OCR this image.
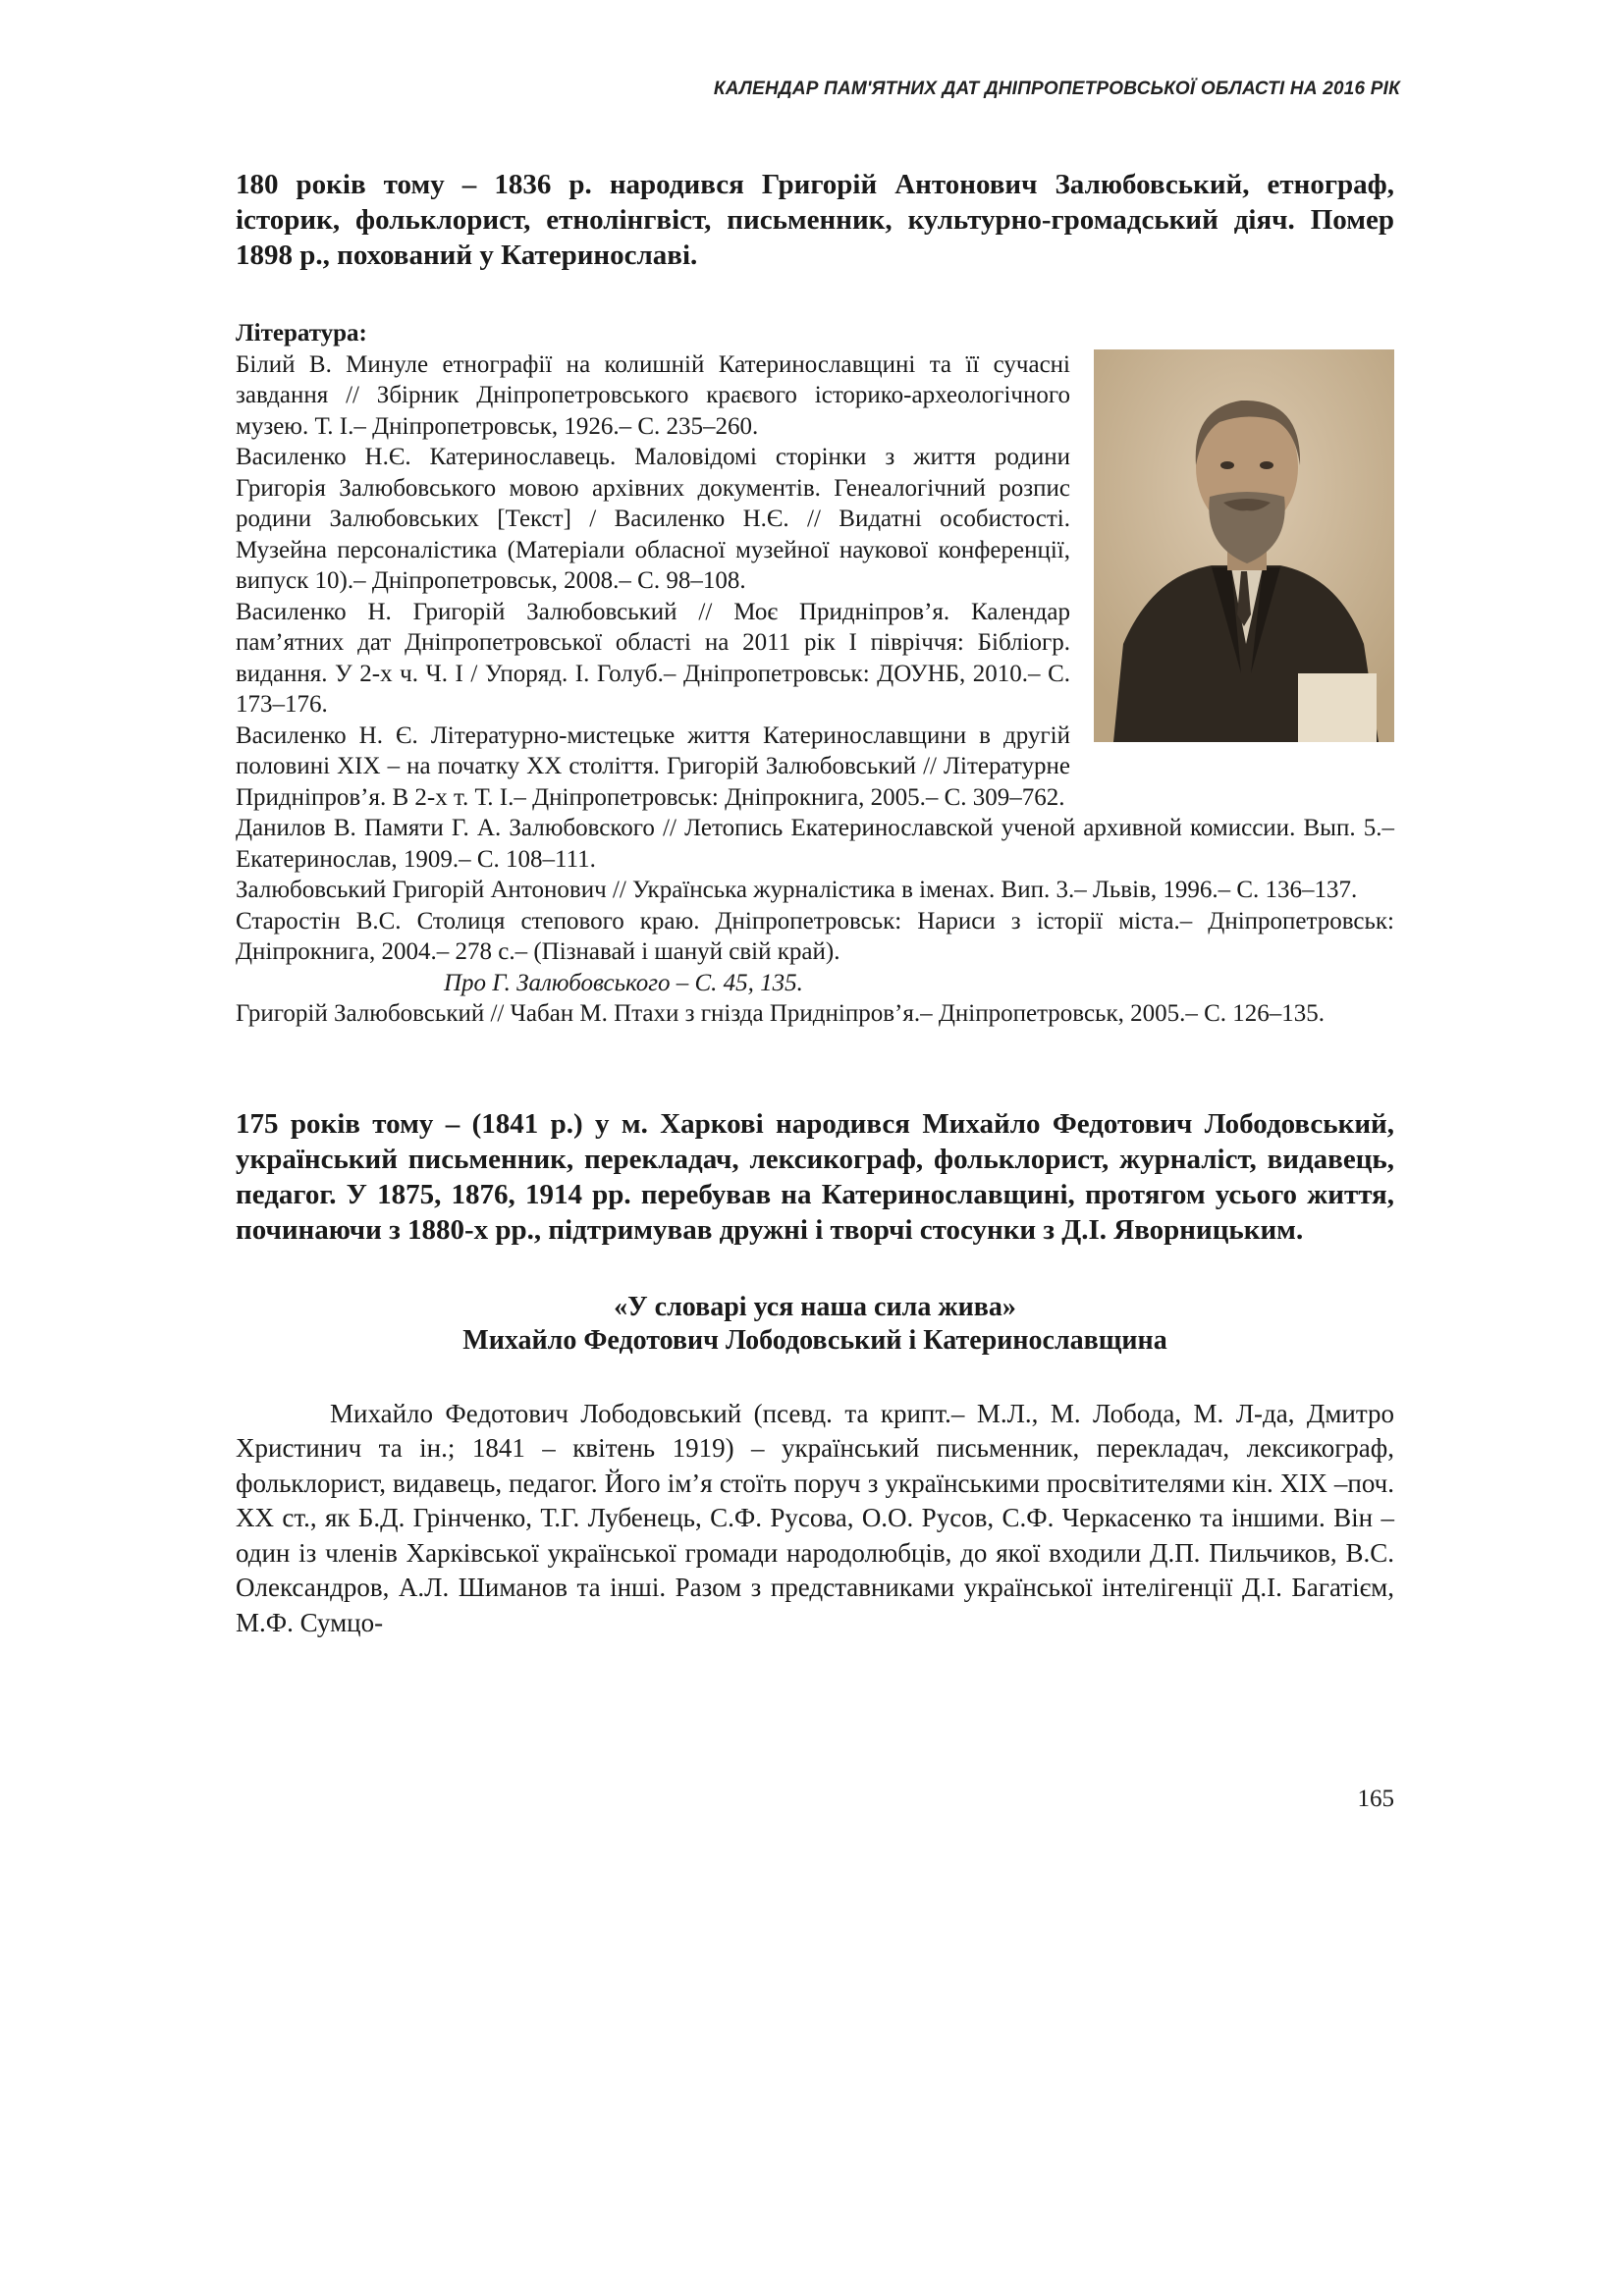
КАЛЕНДАР ПАМ'ЯТНИХ ДАТ ДНІПРОПЕТРОВСЬКОЇ ОБЛАСТІ НА 2016 РІК

180 років тому – 1836 р. народився Григорій Антонович Залюбовський, етнограф, історик, фольклорист, етнолінгвіст, письменник, культурно-громадський діяч. Помер 1898 р., похований у Катеринославі.

Література:

Білий В. Минуле етнографії на колишній Катеринославщині та її сучасні завдання // Збірник Дніпропетровського краєвого історико-археологічного музею. Т. І.– Дніпропетровськ, 1926.– С. 235–260.

Василенко Н.Є. Катеринославець. Маловідомі сторінки з життя родини Григорія Залюбовського мовою архівних документів. Генеалогічний розпис родини Залюбовських [Текст] / Василенко Н.Є. // Видатні особистості. Музейна персоналістика (Матеріали обласної музейної наукової конференції, випуск 10).– Дніпропетровськ, 2008.– С. 98–108.

Василенко Н. Григорій Залюбовський // Моє Придніпров’я. Календар пам’ятних дат Дніпропетровської області на 2011 рік І півріччя: Бібліогр. видання. У 2-х ч. Ч. І / Упоряд. І. Голуб.– Дніпропетровськ: ДОУНБ, 2010.– С. 173–176.

Василенко Н. Є. Літературно-мистецьке життя Катеринославщини в другій половині ХІХ – на початку ХХ століття. Григорій Залюбовський // Літературне Придніпров’я. В 2-х т. Т. І.– Дніпропетровськ: Дніпрокнига, 2005.– С. 309–762.

Данилов В. Памяти Г. А. Залюбовского // Летопись Екатеринославской ученой архивной комиссии. Вып. 5.– Екатеринослав, 1909.– С. 108–111.

Залюбовський Григорій Антонович // Українська журналістика в іменах. Вип. 3.– Львів, 1996.– С. 136–137.

Старостін В.С. Столиця степового краю. Дніпропетровськ: Нариси з історії міста.– Дніпропетровськ: Дніпрокнига, 2004.– 278 с.– (Пізнавай і шануй свій край).

Про Г. Залюбовського – С. 45, 135.

Григорій Залюбовський // Чабан М. Птахи з гнізда Придніпров’я.– Дніпропетровськ, 2005.– С. 126–135.

175 років тому – (1841 р.) у м. Харкові народився Михайло Федотович Лободовський, український письменник, перекладач, лексикограф, фольклорист, журналіст, видавець, педагог. У 1875, 1876, 1914 рр. перебував на Катеринославщині, протягом усього життя, починаючи з 1880-х рр., підтримував дружні і творчі стосунки з Д.І. Яворницьким.

«У словарі уся наша сила жива»
Михайло Федотович Лободовський і Катеринославщина

Михайло Федотович Лободовський (псевд. та крипт.– М.Л., М. Лобода, М. Л-да, Дмитро Христинич та ін.; 1841 – квітень 1919) – український письменник, перекладач, лексикограф, фольклорист, видавець, педагог. Його ім’я стоїть поруч з українськими просвітителями кін. ХІХ –поч. ХХ ст., як Б.Д. Грінченко, Т.Г. Лубенець, С.Ф. Русова, О.О. Русов, С.Ф. Черкасенко та іншими. Він – один із членів Харківської української громади народолюбців, до якої входили Д.П. Пильчиков, В.С. Олександров, А.Л. Шиманов та інші. Разом з представниками української інтелігенції Д.І. Багатієм, М.Ф. Сумцо-

165
